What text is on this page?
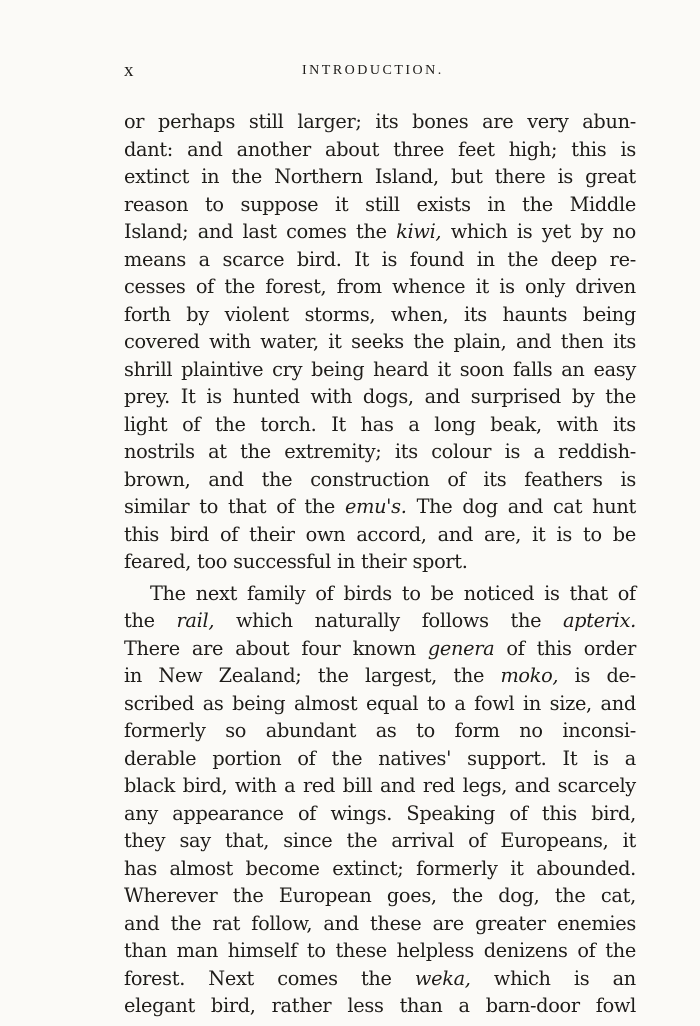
x	INTRODUCTION.
or perhaps still larger; its bones are very abun-
dant: and another about three feet high; this is
extinct in the Northern Island, but there is great
reason to suppose it still exists in the Middle
Island; and last comes the kiwi, which is yet by no
means a scarce bird. It is found in the deep re-
cesses of the forest, from whence it is only driven
forth by violent storms, when, its haunts being
covered with water, it seeks the plain, and then its
shrill plaintive cry being heard it soon falls an easy
prey. It is hunted with dogs, and surprised by the
light of the torch. It has a long beak, with its
nostrils at the extremity; its colour is a reddish-
brown, and the construction of its feathers is
similar to that of the emu's. The dog and cat hunt
this bird of their own accord, and are, it is to be
feared, too successful in their sport.
The next family of birds to be noticed is that of
the rail, which naturally follows the apterix.
There are about four known genera of this order
in New Zealand; the largest, the moko, is de-
scribed as being almost equal to a fowl in size, and
formerly so abundant as to form no inconsi-
derable portion of the natives' support. It is a
black bird, with a red bill and red legs, and scarcely
any appearance of wings. Speaking of this bird,
they say that, since the arrival of Europeans, it
has almost become extinct; formerly it abounded.
Wherever the European goes, the dog, the cat,
and the rat follow, and these are greater enemies
than man himself to these helpless denizens of the
forest. Next comes the weka, which is an
elegant bird, rather less than a barn-door fowl
